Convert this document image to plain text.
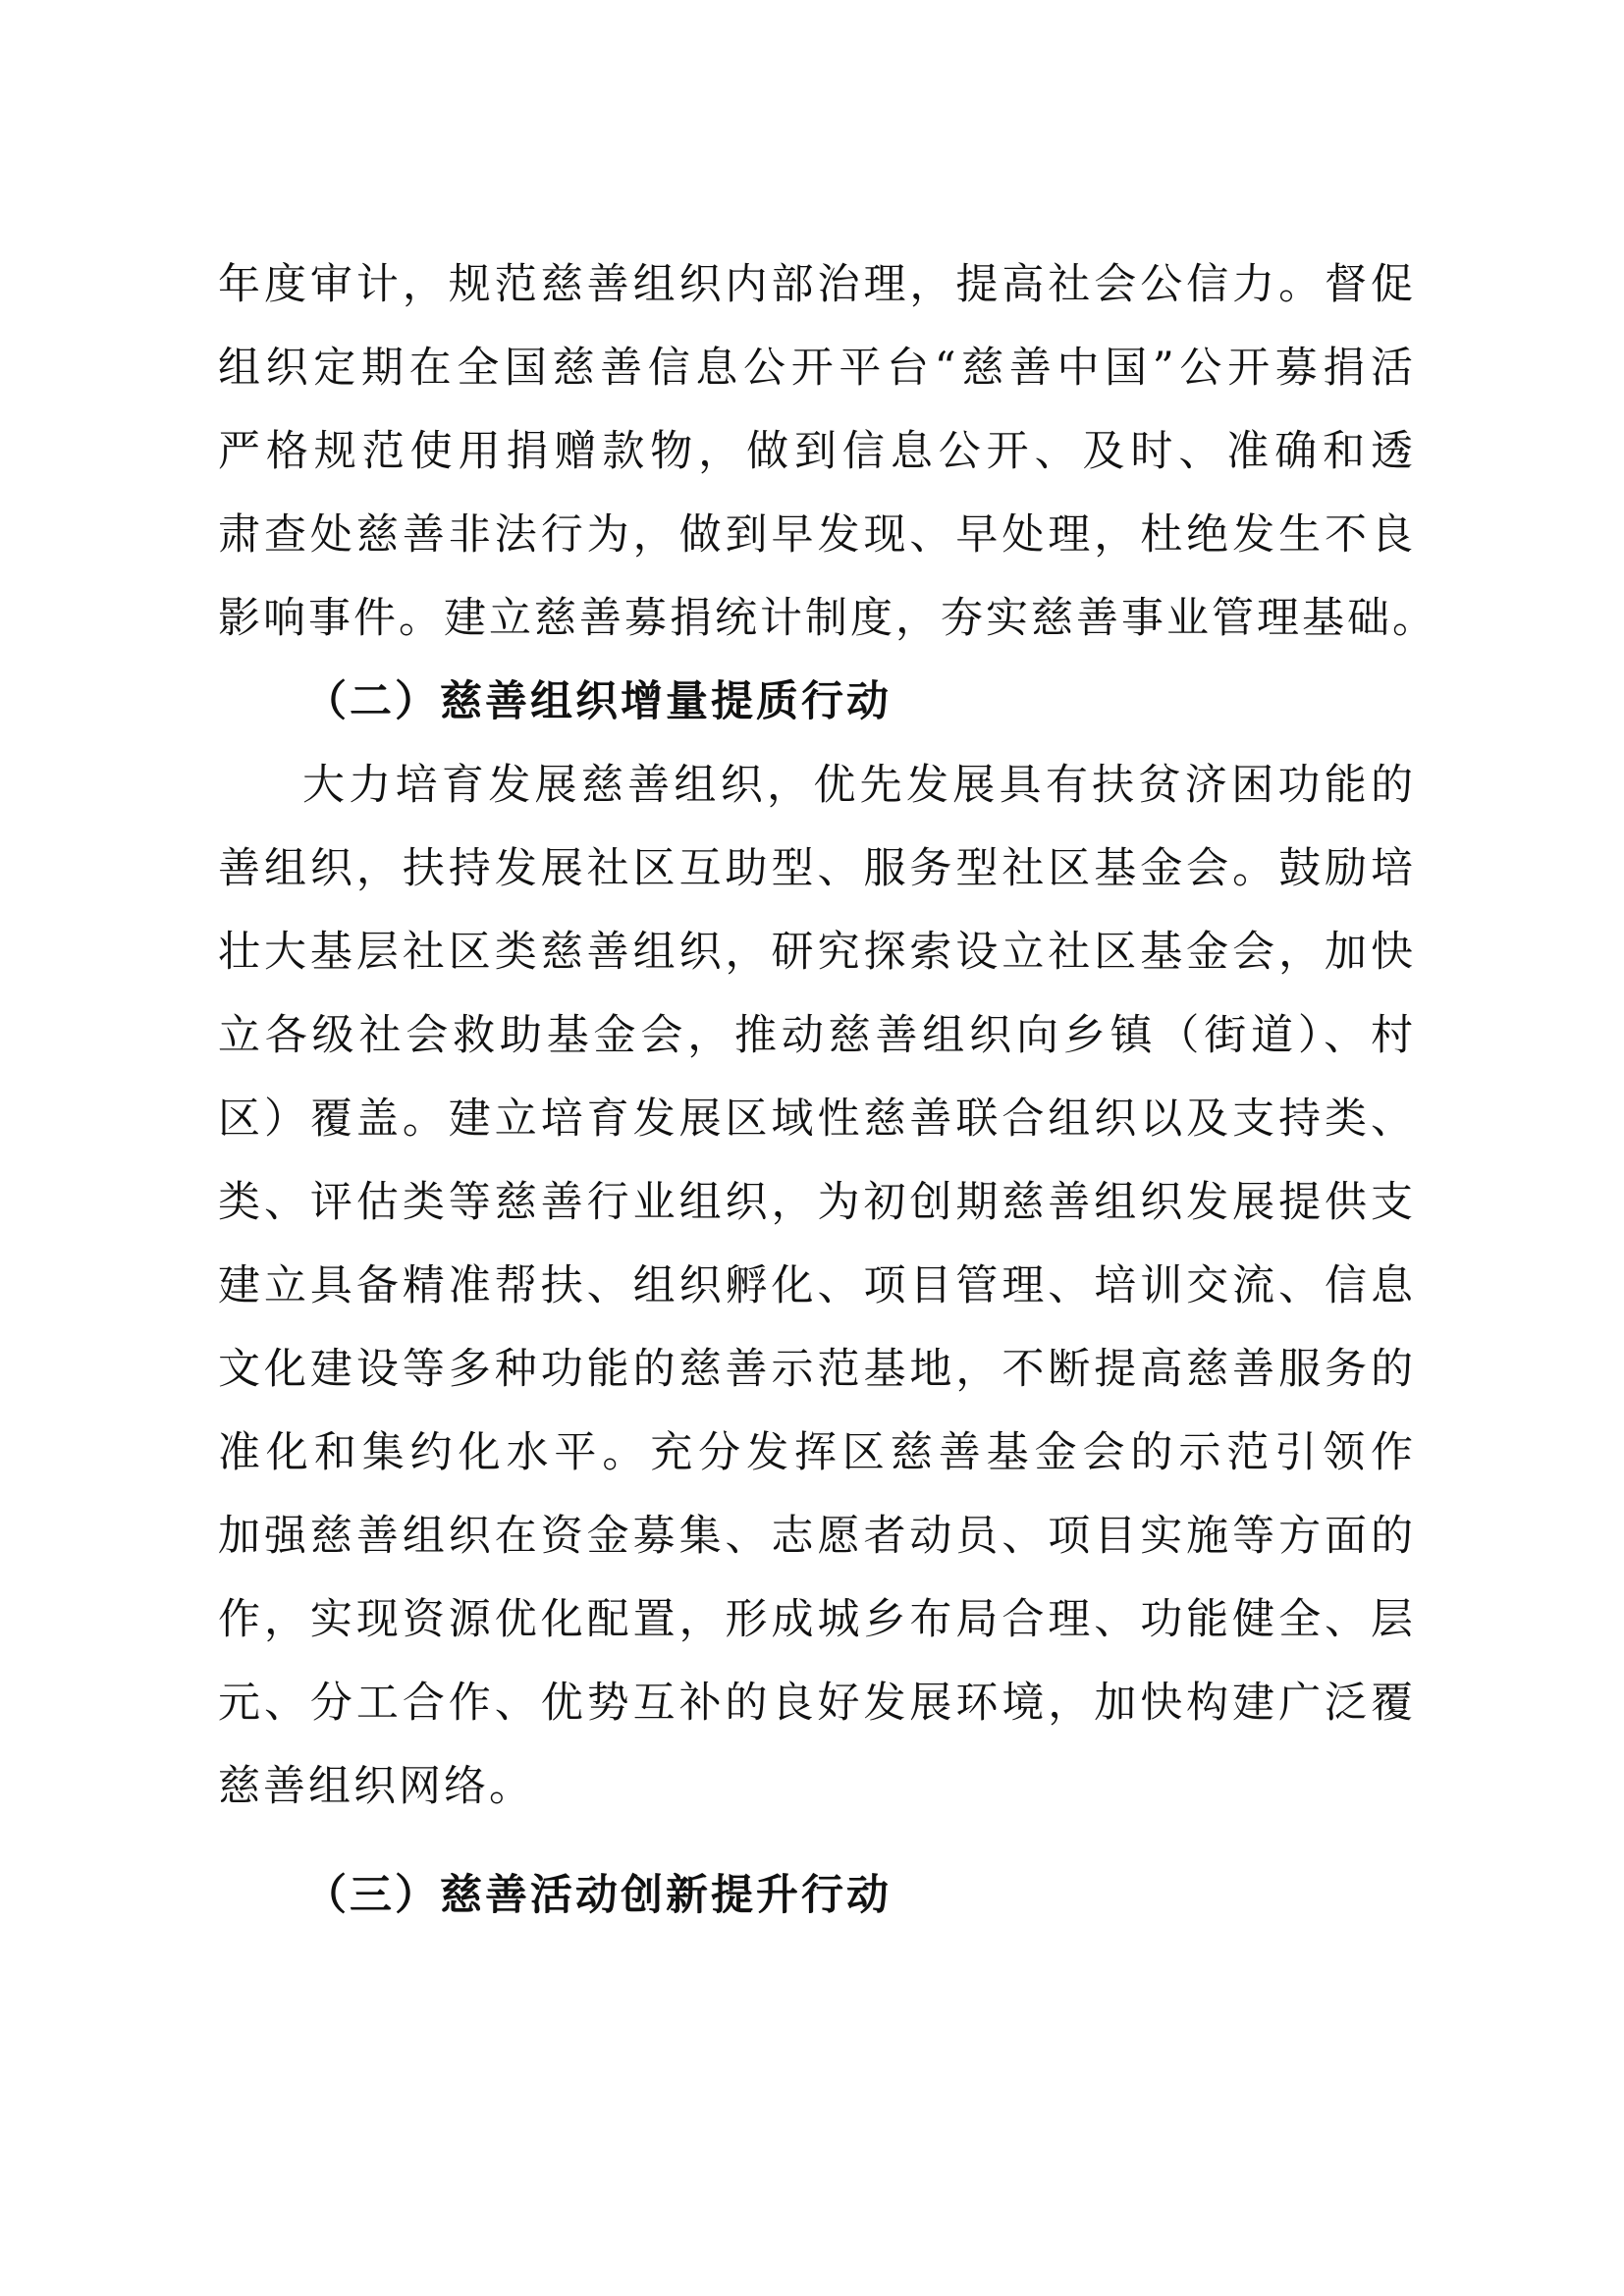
年度审计，规范慈善组织内部治理，提高社会公信力。督促
组织定期在全国慈善信息公开平台“慈善中国”公开募捐活
严格规范使用捐赠款物，做到信息公开、及时、准确和透
肃查处慈善非法行为，做到早发现、早处理，杜绝发生不良
影响事件。建立慈善募捐统计制度，夯实慈善事业管理基础。
（二）慈善组织增量提质行动
大力培育发展慈善组织，优先发展具有扶贫济困功能的
善组织，扶持发展社区互助型、服务型社区基金会。鼓励培
壮大基层社区类慈善组织，研究探索设立社区基金会，加快
立各级社会救助基金会，推动慈善组织向乡镇（街道）、村
区）覆盖。建立培育发展区域性慈善联合组织以及支持类、
类、评估类等慈善行业组织，为初创期慈善组织发展提供支
建立具备精准帮扶、组织孵化、项目管理、培训交流、信息
文化建设等多种功能的慈善示范基地，不断提高慈善服务的
准化和集约化水平。充分发挥区慈善基金会的示范引领作
加强慈善组织在资金募集、志愿者动员、项目实施等方面的
作，实现资源优化配置，形成城乡布局合理、功能健全、层
元、分工合作、优势互补的良好发展环境，加快构建广泛覆
慈善组织网络。
（三）慈善活动创新提升行动
